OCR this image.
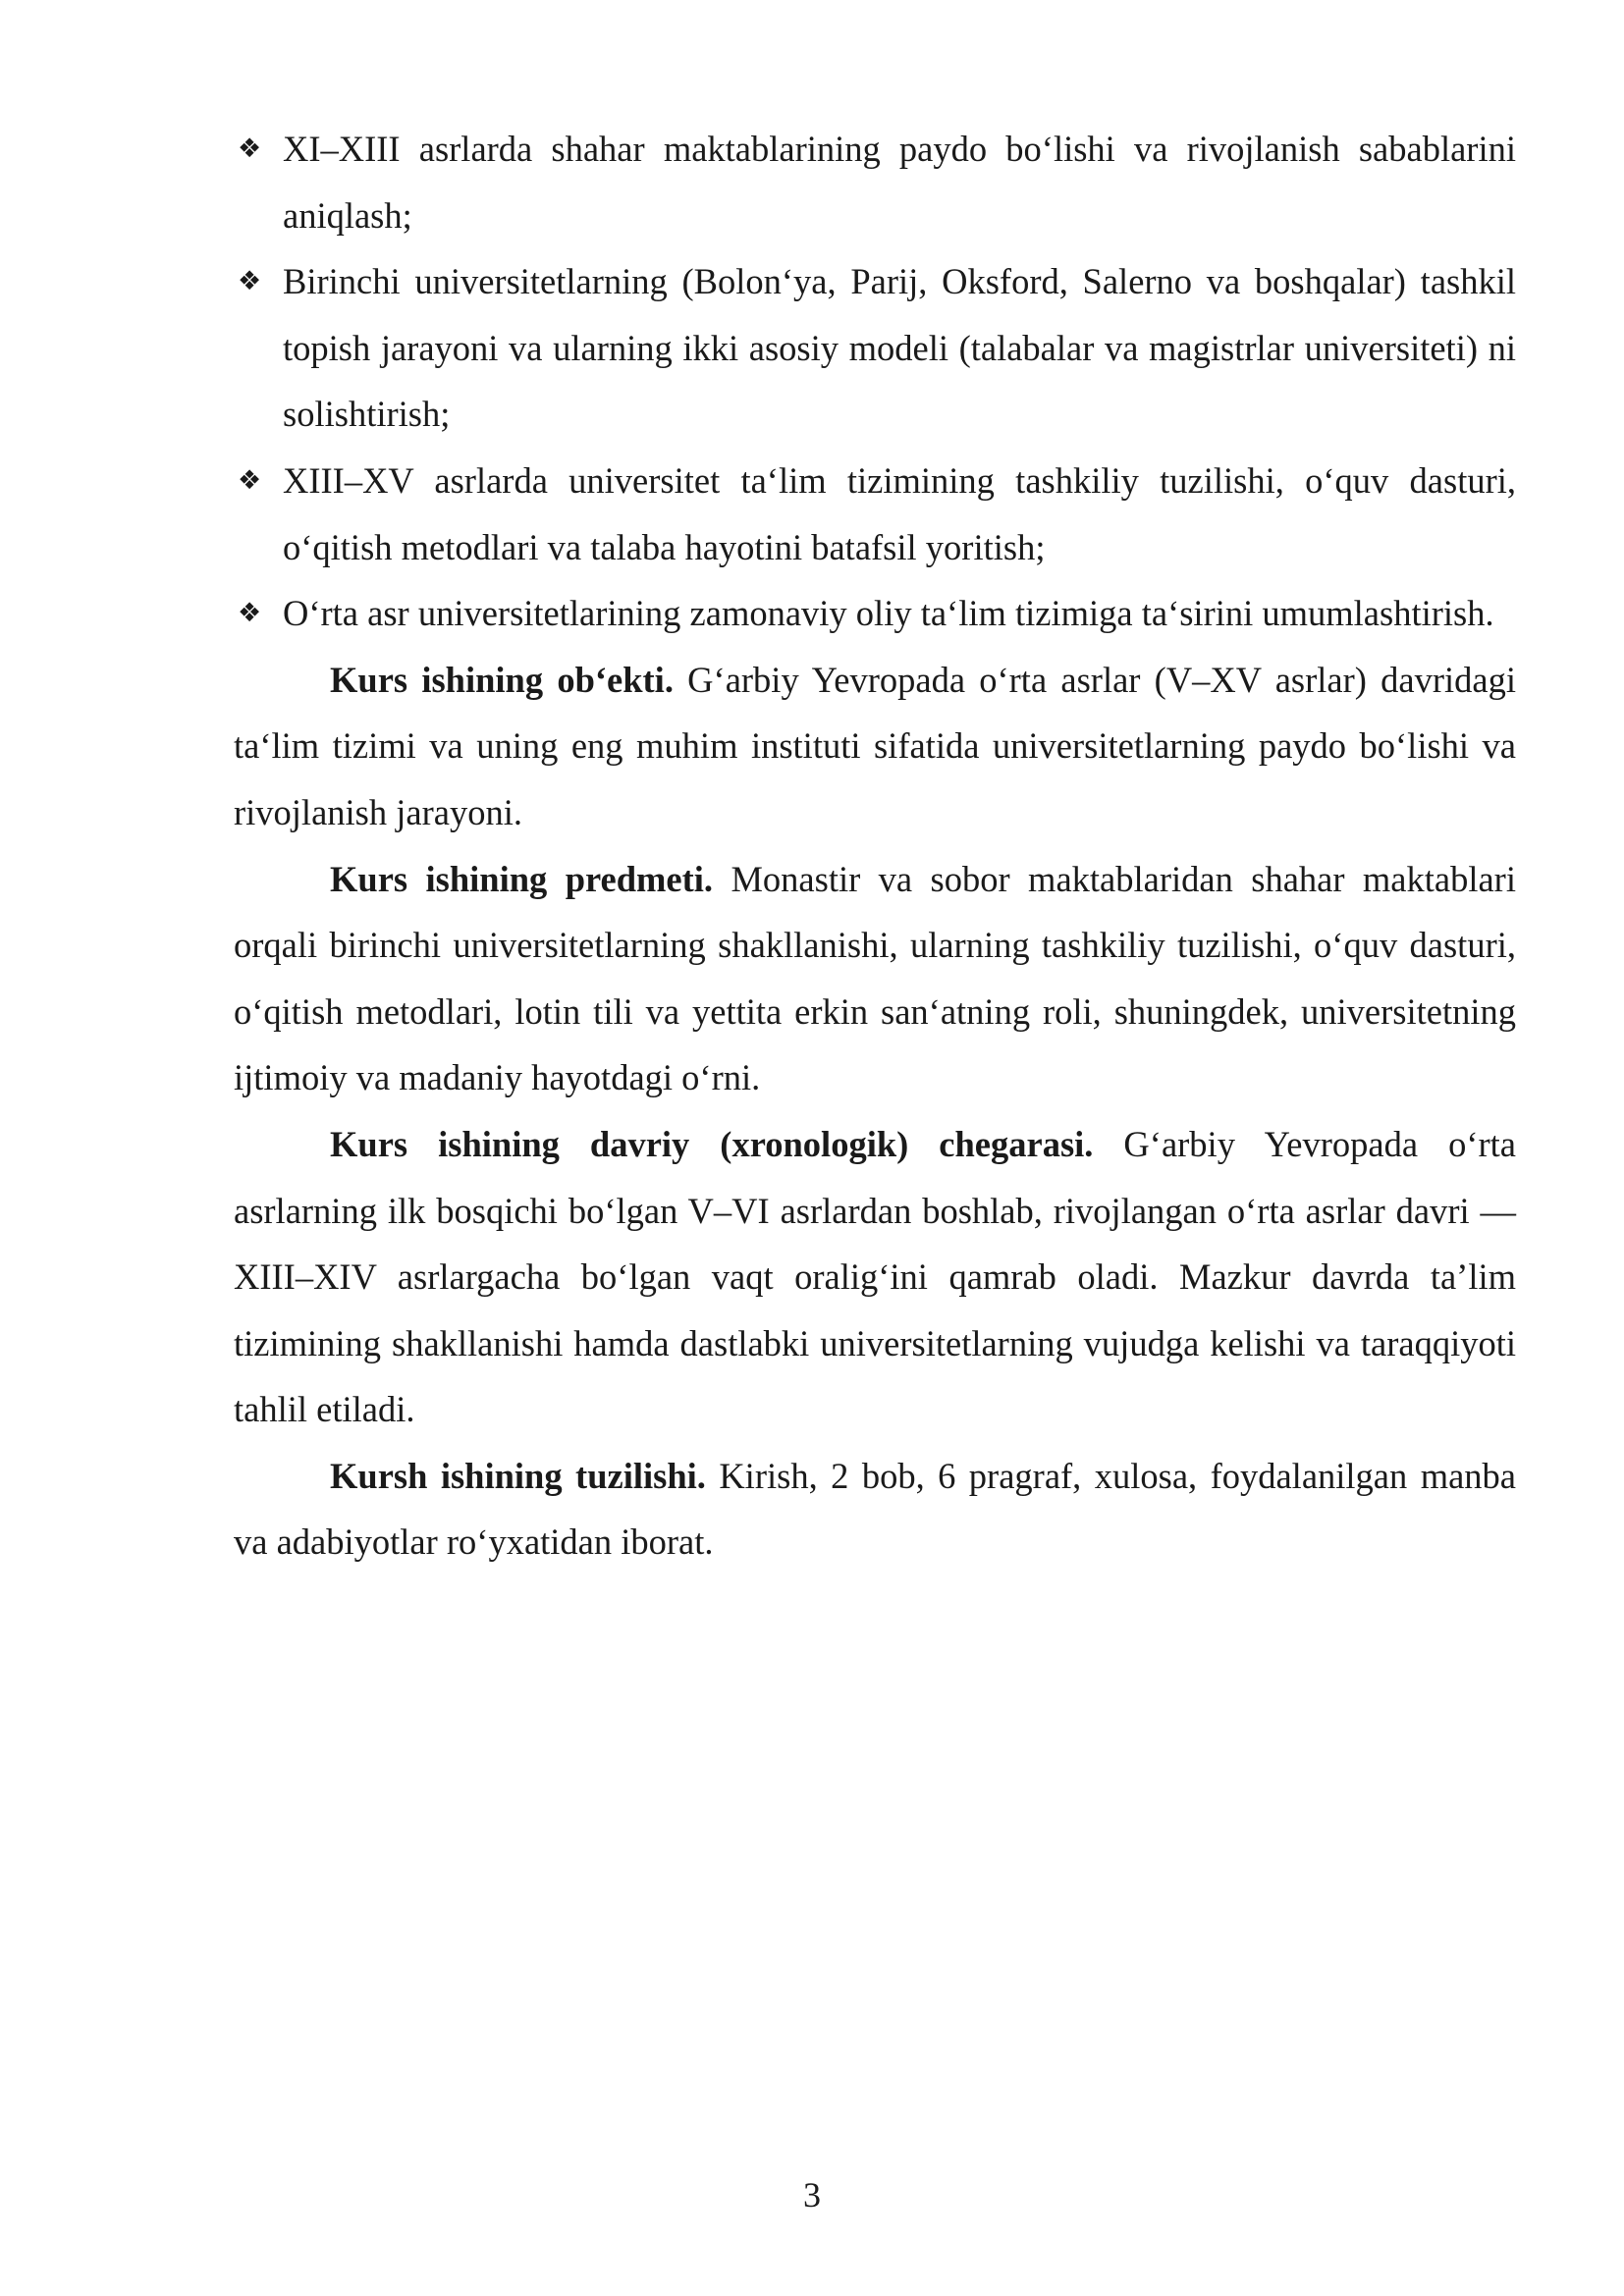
❖ XI–XIII asrlarda shahar maktablarining paydo bo‘lishi va rivojlanish sabablarini aniqlash;
❖ Birinchi universitetlarning (Bolon‘ya, Parij, Oksford, Salerno va boshqalar) tashkil topish jarayoni va ularning ikki asosiy modeli (talabalar va magistrlar universiteti) ni solishtirish;
❖ XIII–XV asrlarda universitet ta‘lim tizimining tashkiliy tuzilishi, o‘quv dasturi, o‘qitish metodlari va talaba hayotini batafsil yoritish;
❖ O‘rta asr universitetlarining zamonaviy oliy ta‘lim tizimiga ta‘sirini umumlashtirish.

Kurs ishining ob‘ekti. G‘arbiy Yevropada o‘rta asrlar (V–XV asrlar) davridagi ta‘lim tizimi va uning eng muhim instituti sifatida universitetlarning paydo bo‘lishi va rivojlanish jarayoni.

Kurs ishining predmeti. Monastir va sobor maktablaridan shahar maktablari orqali birinchi universitetlarning shakllanishi, ularning tashkiliy tuzilishi, o‘quv dasturi, o‘qitish metodlari, lotin tili va yettita erkin san‘atning roli, shuningdek, universitetning ijtimoiy va madaniy hayotdagi o‘rni.

Kurs ishining davriy (xronologik) chegarasi. G‘arbiy Yevropada o‘rta asrlarning ilk bosqichi bo‘lgan V–VI asrlardan boshlab, rivojlangan o‘rta asrlar davri — XIII–XIV asrlargacha bo‘lgan vaqt oralig‘ini qamrab oladi. Mazkur davrda ta’lim tizimining shakllanishi hamda dastlabki universitetlarning vujudga kelishi va taraqqiyoti tahlil etiladi.

Kursh ishining tuzilishi. Kirish, 2 bob, 6 pragraf, xulosa, foydalanilgan manba va adabiyotlar ro‘yxatidan iborat.

3
